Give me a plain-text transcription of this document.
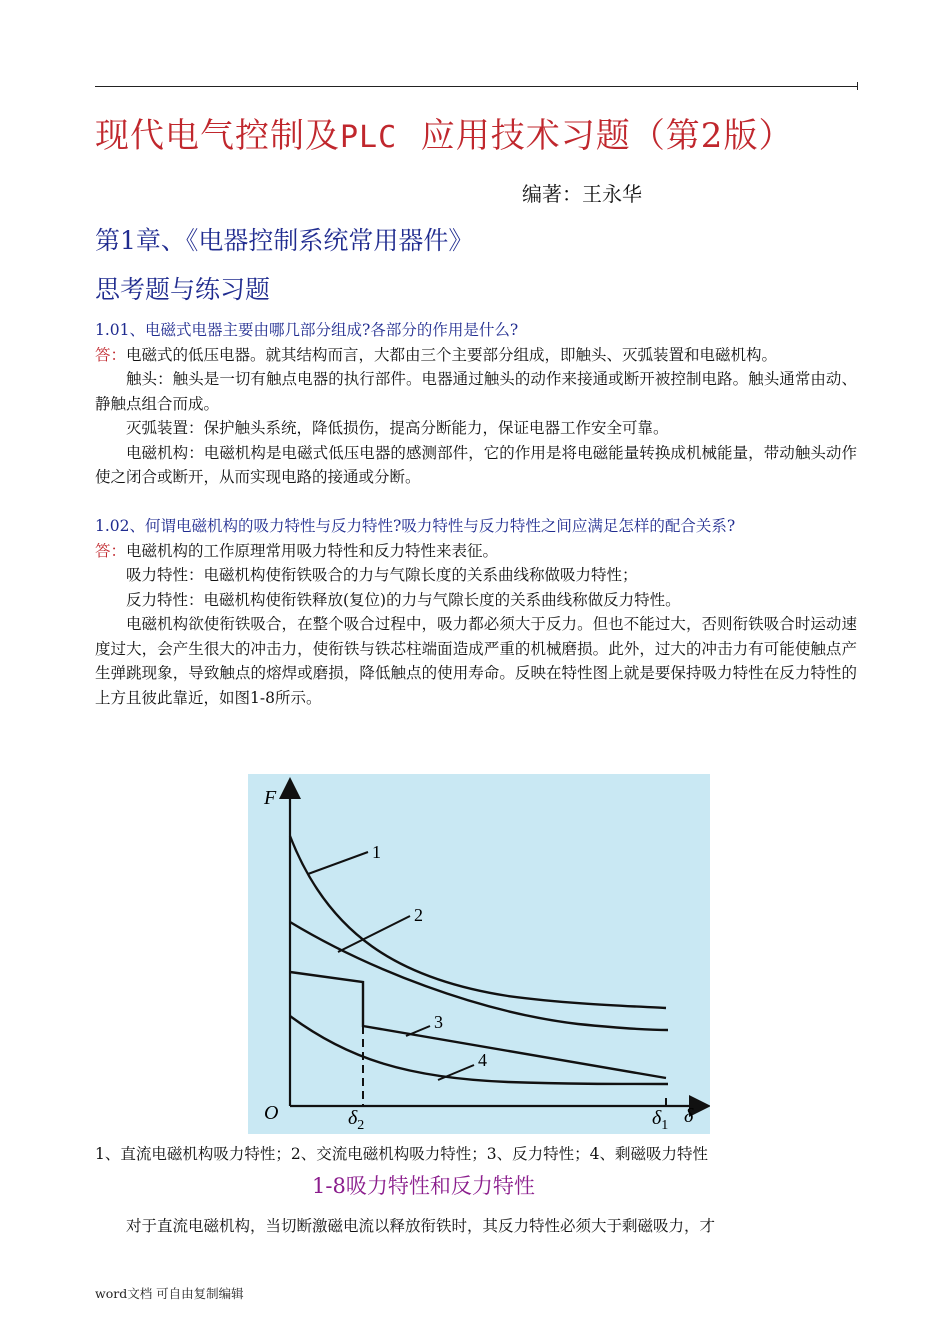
现代电气控制及PLC  应用技术习题（第2版）
编著：王永华
第1章、《电器控制系统常用器件》
思考题与练习题
1.01、电磁式电器主要由哪几部分组成?各部分的作用是什么?
答：电磁式的低压电器。就其结构而言，大都由三个主要部分组成，即触头、灭弧装置和电磁机构。
触头：触头是一切有触点电器的执行部件。电器通过触头的动作来接通或断开被控制电路。触头通常由动、静触点组合而成。
灭弧装置：保护触头系统，降低损伤，提高分断能力，保证电器工作安全可靠。
电磁机构：电磁机构是电磁式低压电器的感测部件，它的作用是将电磁能量转换成机械能量，带动触头动作使之闭合或断开，从而实现电路的接通或分断。
1.02、何谓电磁机构的吸力特性与反力特性?吸力特性与反力特性之间应满足怎样的配合关系?
答：电磁机构的工作原理常用吸力特性和反力特性来表征。
吸力特性：电磁机构使衔铁吸合的力与气隙长度的关系曲线称做吸力特性；
反力特性：电磁机构使衔铁释放(复位)的力与气隙长度的关系曲线称做反力特性。
电磁机构欲使衔铁吸合，在整个吸合过程中，吸力都必须大于反力。但也不能过大，否则衔铁吸合时运动速度过大，会产生很大的冲击力，使衔铁与铁芯柱端面造成严重的机械磨损。此外，过大的冲击力有可能使触点产生弹跳现象，导致触点的熔焊或磨损，降低触点的使用寿命。反映在特性图上就是要保持吸力特性在反力特性的上方且彼此靠近，如图1-8所示。
F
δ
O
1
2
3
4
$\delta_2$	$\delta_1$
1、直流电磁机构吸力特性；2、交流电磁机构吸力特性；3、反力特性；4、剩磁吸力特性
1-8吸力特性和反力特性
对于直流电磁机构，当切断激磁电流以释放衔铁时，其反力特性必须大于剩磁吸力，才
word文档 可自由复制编辑
